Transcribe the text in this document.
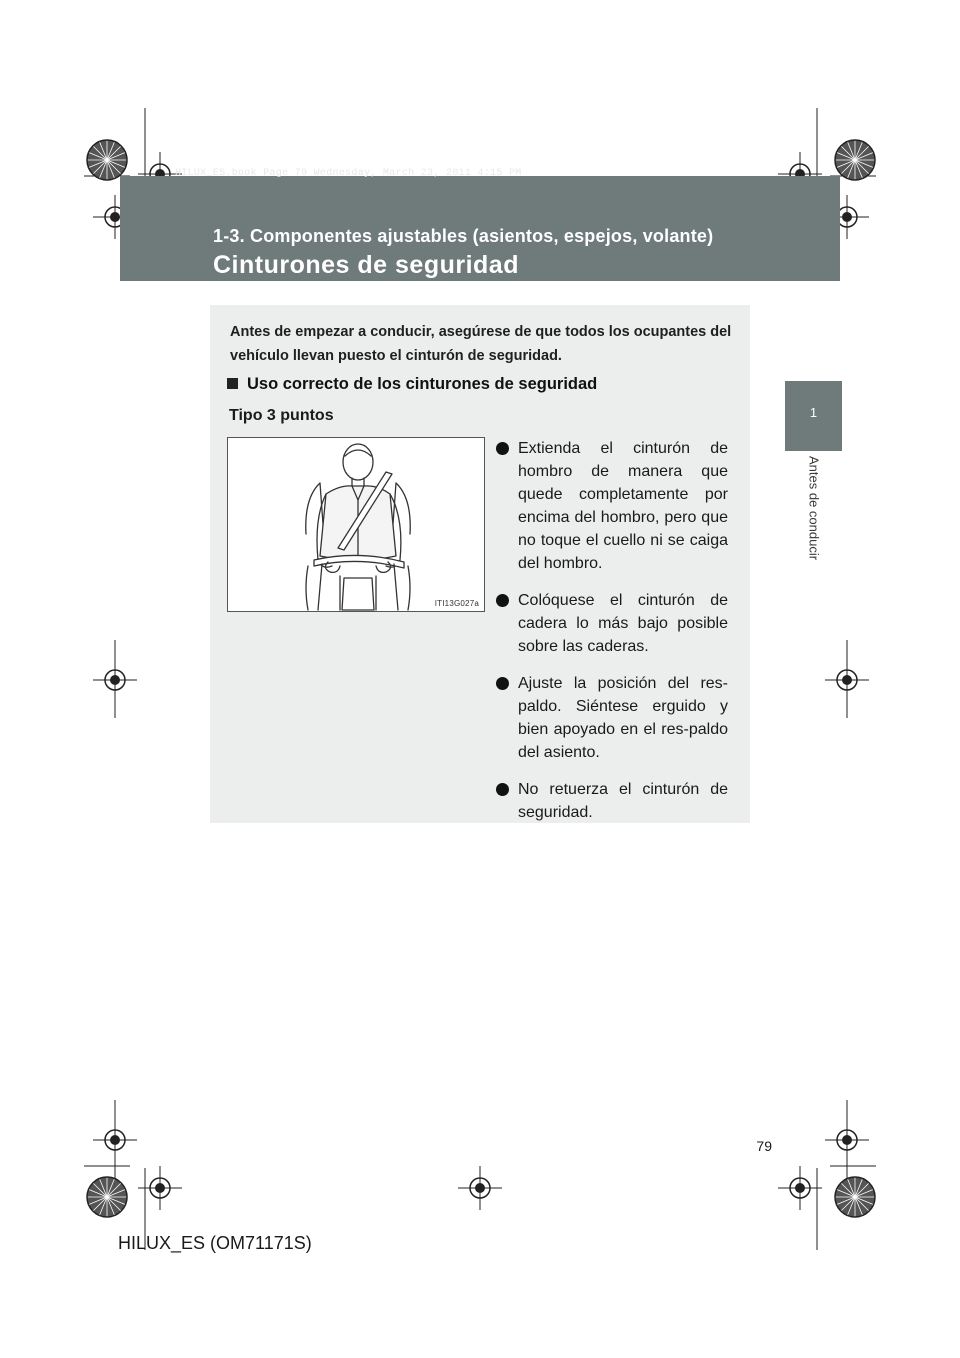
HILUX_ES.book Page 79 Wednesday, March 23, 2011 4:15 PM
1-3. Componentes ajustables (asientos, espejos, volante)
Cinturones de seguridad
1
Antes de conducir
Antes de empezar a conducir, asegúrese de que todos los ocupantes del vehículo llevan puesto el cinturón de seguridad.
Uso correcto de los cinturones de seguridad
Tipo 3 puntos
ITI13G027a
Extienda el cinturón de hombro de manera que quede completamente por encima del hombro, pero que no toque el cuello ni se caiga del hombro.
Colóquese el cinturón de cadera lo más bajo posible sobre las caderas.
Ajuste la posición del res-paldo. Siéntese erguido y bien apoyado en el res-paldo del asiento.
No retuerza el cinturón de seguridad.
79
HILUX_ES (OM71171S)
